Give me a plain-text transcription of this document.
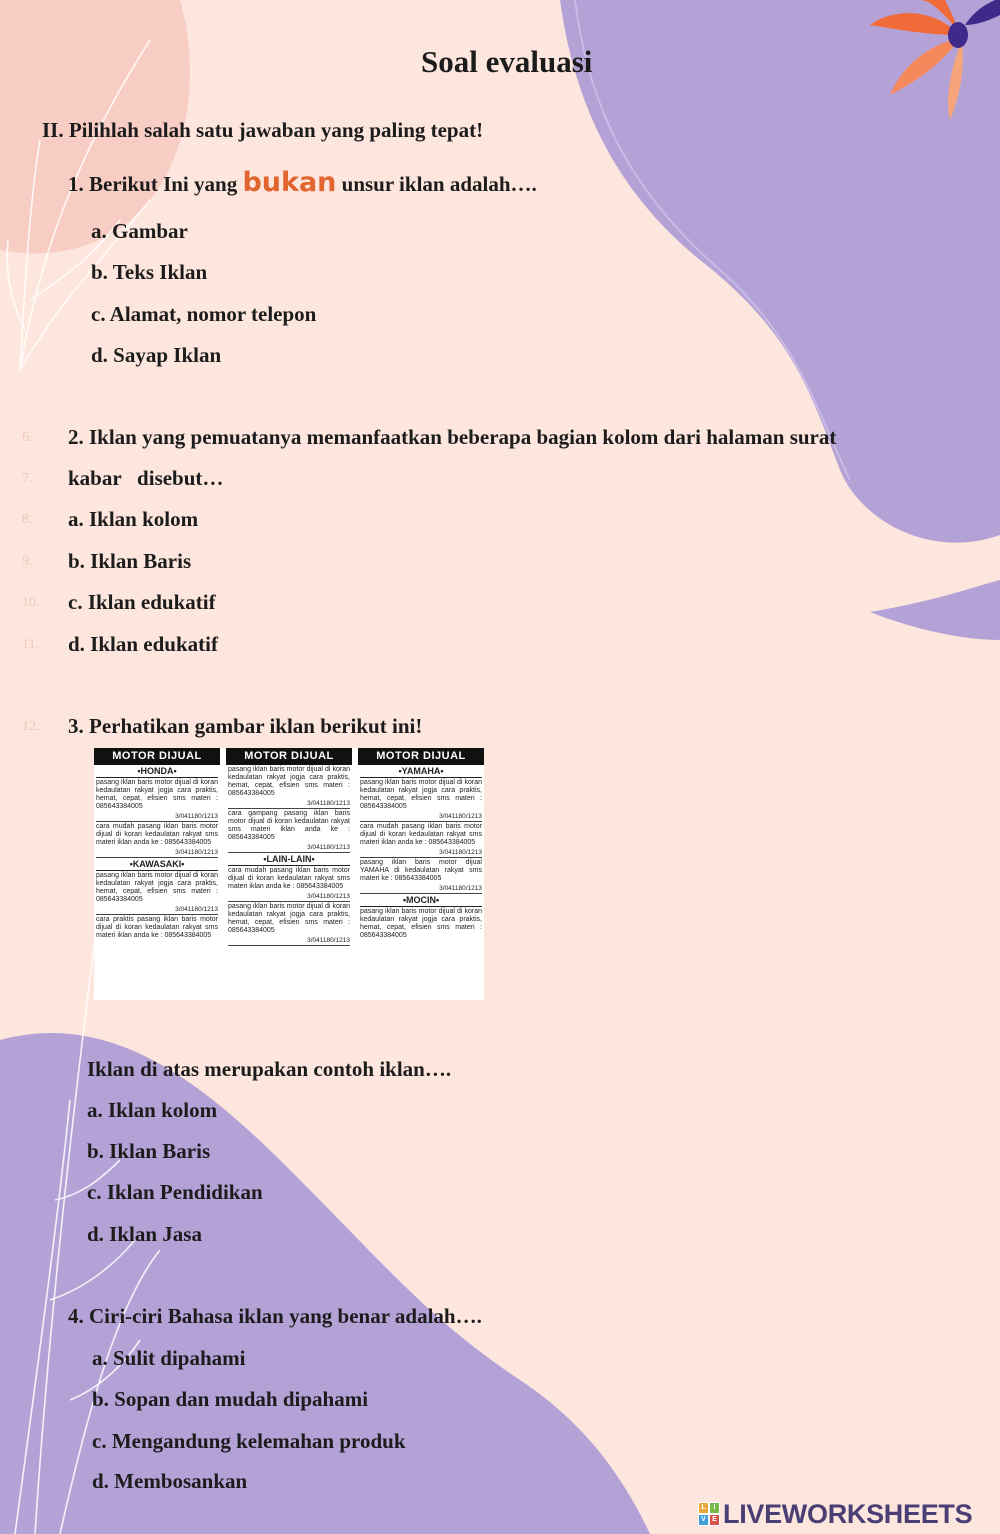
Soal evaluasi
II. Pilihlah salah satu jawaban yang paling tepat!
1. Berikut Ini yang bukan unsur iklan adalah….
a. Gambar
b. Teks Iklan
c. Alamat, nomor telepon
d. Sayap Iklan
6.
7.
8.
9.
10.
11.
12.
2. Iklan yang pemuatanya memanfaatkan beberapa bagian kolom dari halaman surat
kabar   disebut…
a. Iklan kolom
b. Iklan Baris
c. Iklan edukatif
d. Iklan edukatif
3. Perhatikan gambar iklan berikut ini!
MOTOR DIJUAL
•HONDA•
pasang iklan baris motor dijual di koran kedaulatan rakyat jogja cara praktis, hemat, cepat, efisien sms materi : 085643384005
3/041180/1213
cara mudah pasang iklan baris motor dijual di koran kedaulatan rakyat sms materi iklan anda ke : 085643384005
3/041180/1213
•KAWASAKI•
pasang iklan baris motor dijual di koran kedaulatan rakyat jogja cara praktis, hemat, cepat, efisien sms materi : 085643384005
3/041180/1213
cara praktis pasang iklan baris motor dijual di koran kedaulatan rakyat sms materi iklan anda ke : 085643384005
MOTOR DIJUAL
pasang iklan baris motor dijual di koran kedaulatan rakyat jogja cara praktis, hemat, cepat, efisien sms materi : 085643384005
3/041180/1213
cara gampang pasang iklan baris motor dijual di koran kedaulatan rakyat sms materi iklan anda ke : 085643384005
3/041180/1213
•LAIN-LAIN•
cara mudah pasang iklan baris motor dijual di koran kedaulatan rakyat sms materi iklan anda ke : 085643384005
3/041180/1213
pasang iklan baris motor dijual di koran kedaulatan rakyat jogja cara praktis, hemat, cepat, efisien sms materi : 085643384005
3/041180/1213
MOTOR DIJUAL
•YAMAHA•
pasang iklan baris motor dijual di koran kedaulatan rakyat jogja cara praktis, hemat, cepat, efisien sms materi : 085643384005
3/041180/1213
cara mudah pasang iklan baris motor dijual di koran kedaulatan rakyat sms materi iklan anda ke : 085643384005
3/041180/1213
pasang iklan baris motor dijual YAMAHA di kedaulatan rakyat sms materi ke : 085643384005
3/041180/1213
•MOCIN•
pasang iklan baris motor dijual di koran kedaulatan rakyat jogja cara praktis, hemat, cepat, efisien sms materi : 085643384005
Iklan di atas merupakan contoh iklan….
a. Iklan kolom
b. Iklan Baris
c. Iklan Pendidikan
d. Iklan Jasa
4. Ciri-ciri Bahasa iklan yang benar adalah….
a. Sulit dipahami
b. Sopan dan mudah dipahami
c. Mengandung kelemahan produk
d. Membosankan
L	I
V E LIVEWORKSHEETS
